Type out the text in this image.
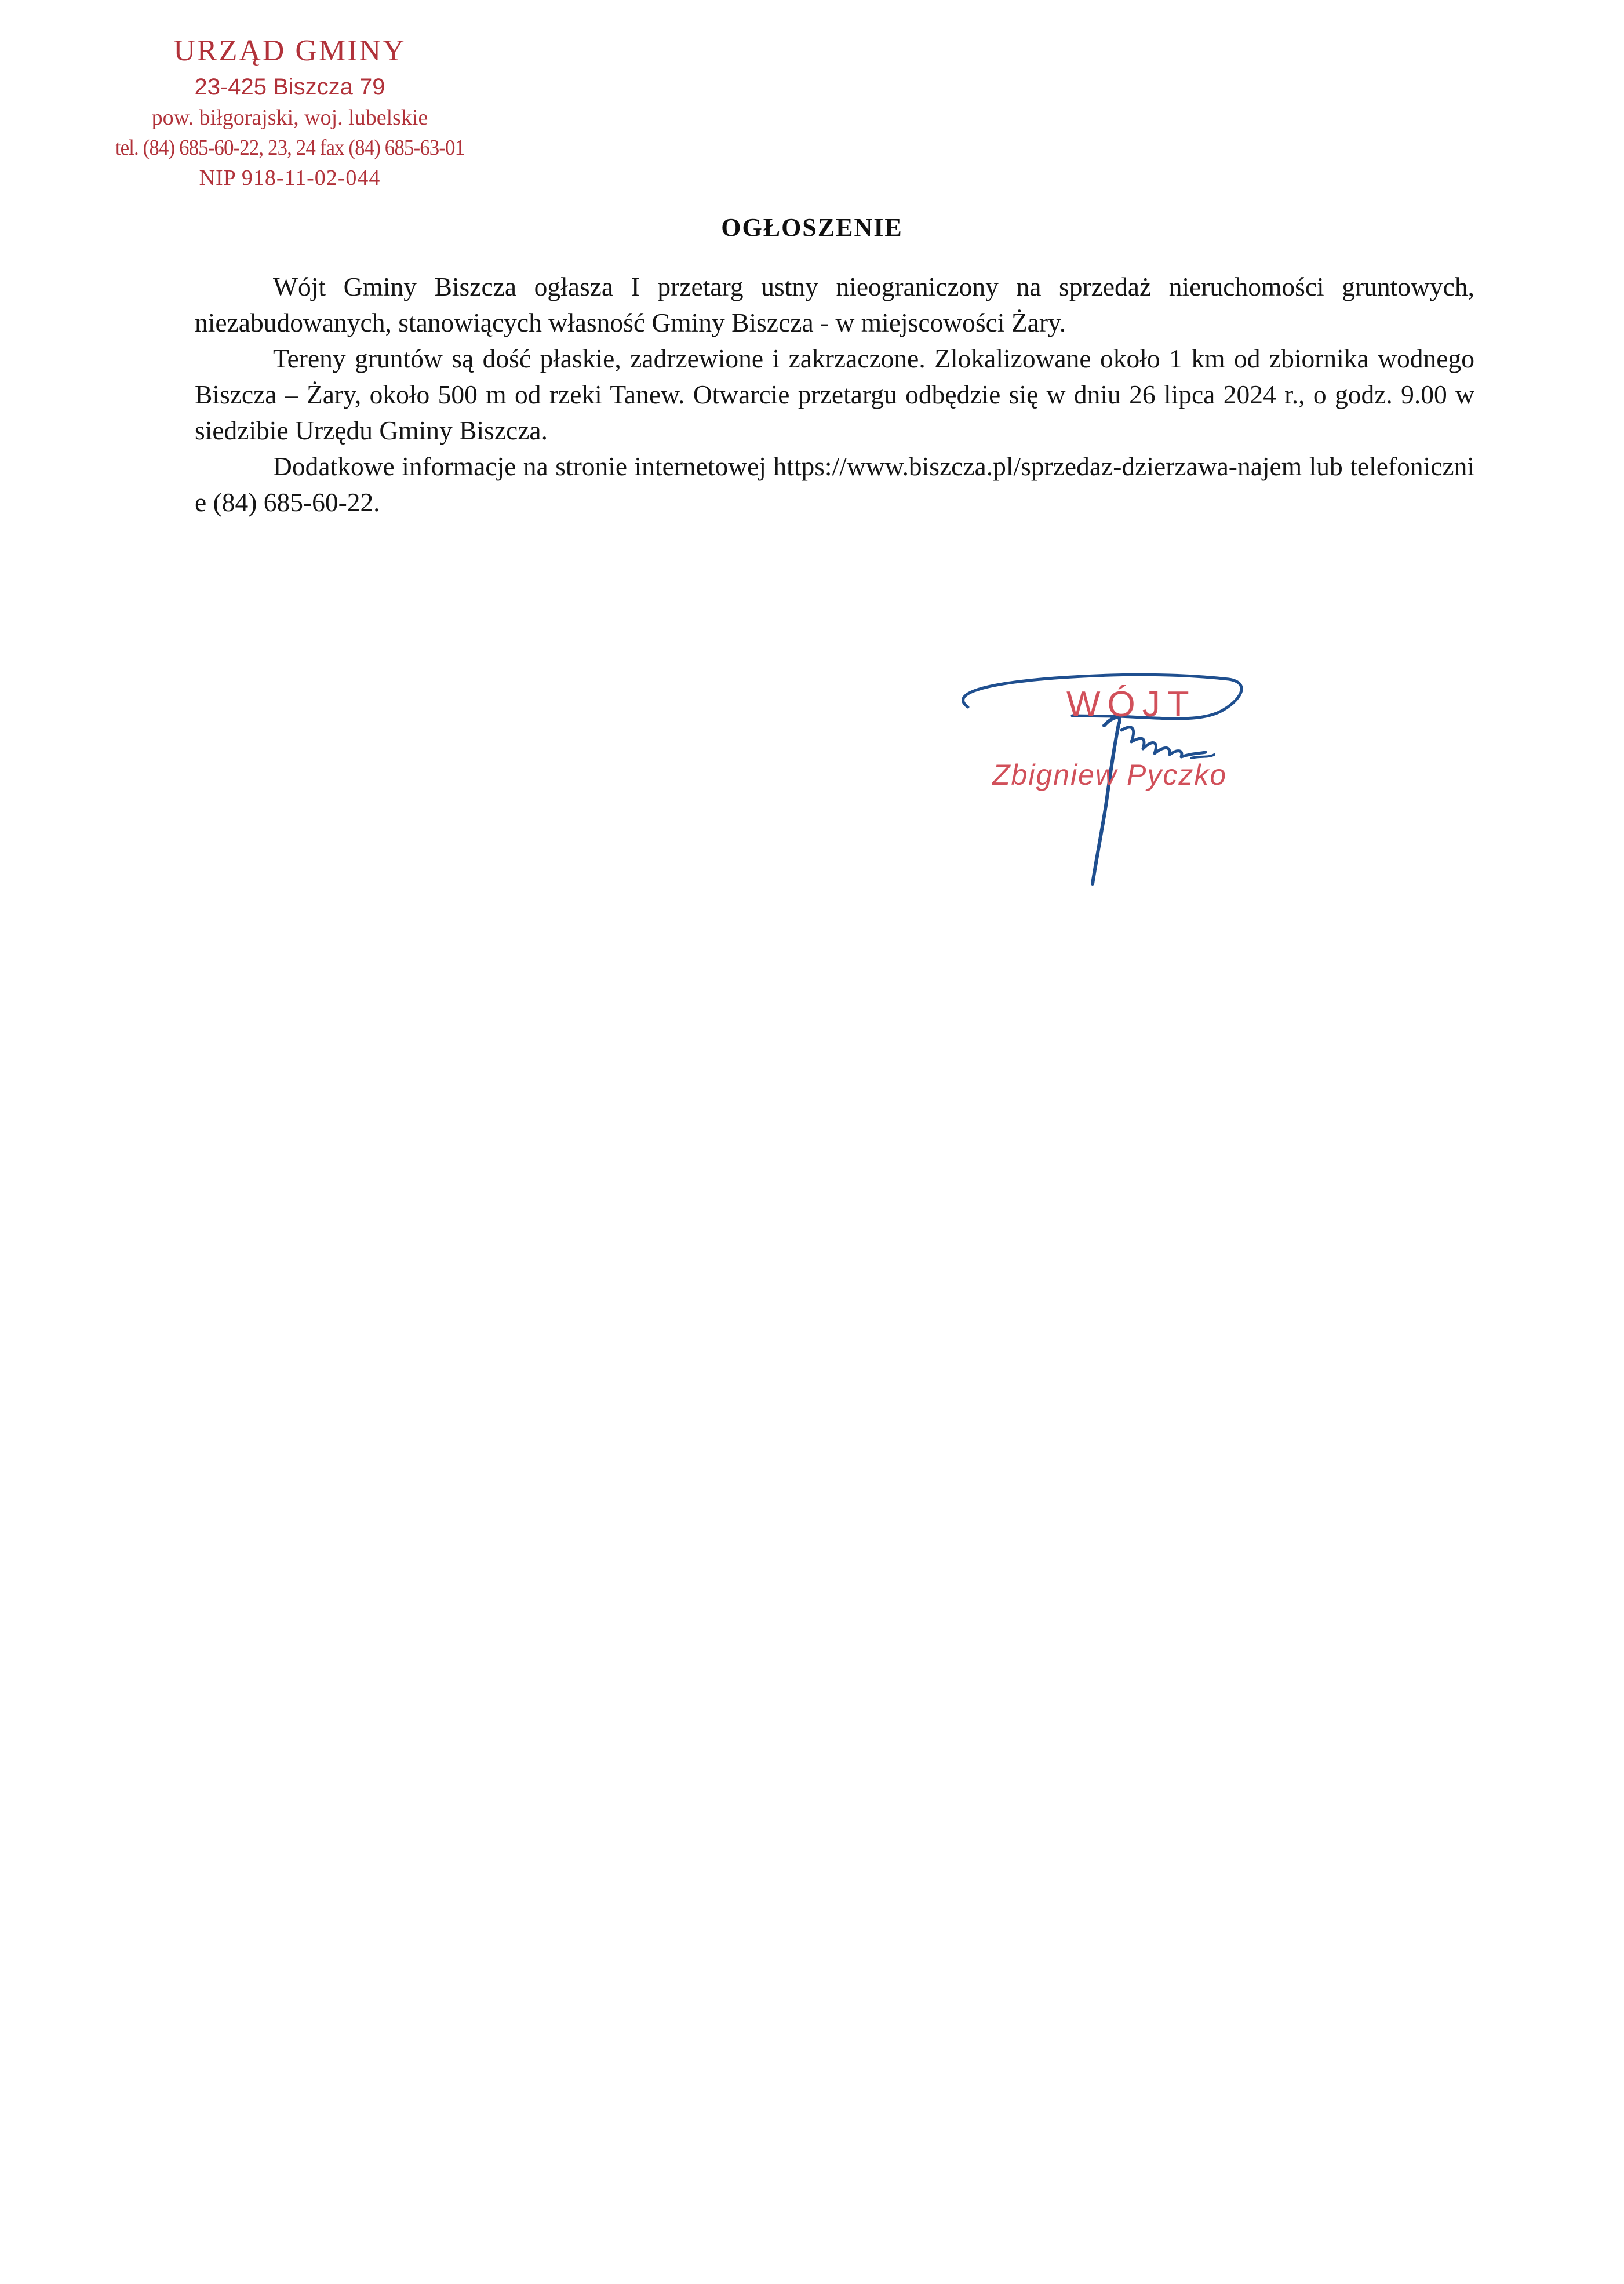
URZĄD GMINY
23-425 Biszcza 79
pow. biłgorajski, woj. lubelskie
tel. (84) 685-60-22, 23, 24 fax (84) 685-63-01
NIP 918-11-02-044
OGŁOSZENIE

Wójt Gminy Biszcza ogłasza I przetarg ustny nieograniczony na sprzedaż nieruchomości gruntowych, niezabudowanych, stanowiących własność Gminy Biszcza - w miejscowości Żary.

Tereny gruntów są dość płaskie, zadrzewione i zakrzaczone. Zlokalizowane około 1 km od zbiornika wodnego Biszcza – Żary, około 500 m od rzeki Tanew. Otwarcie przetargu odbędzie się w dniu 26 lipca 2024 r., o godz. 9.00 w siedzibie Urzędu Gminy Biszcza.

Dodatkowe informacje na stronie internetowej https://www.biszcza.pl/sprzedaz-dzierzawa-najem lub telefonicznie (84) 685-60-22.

WÓJT
Zbigniew Pyczko
